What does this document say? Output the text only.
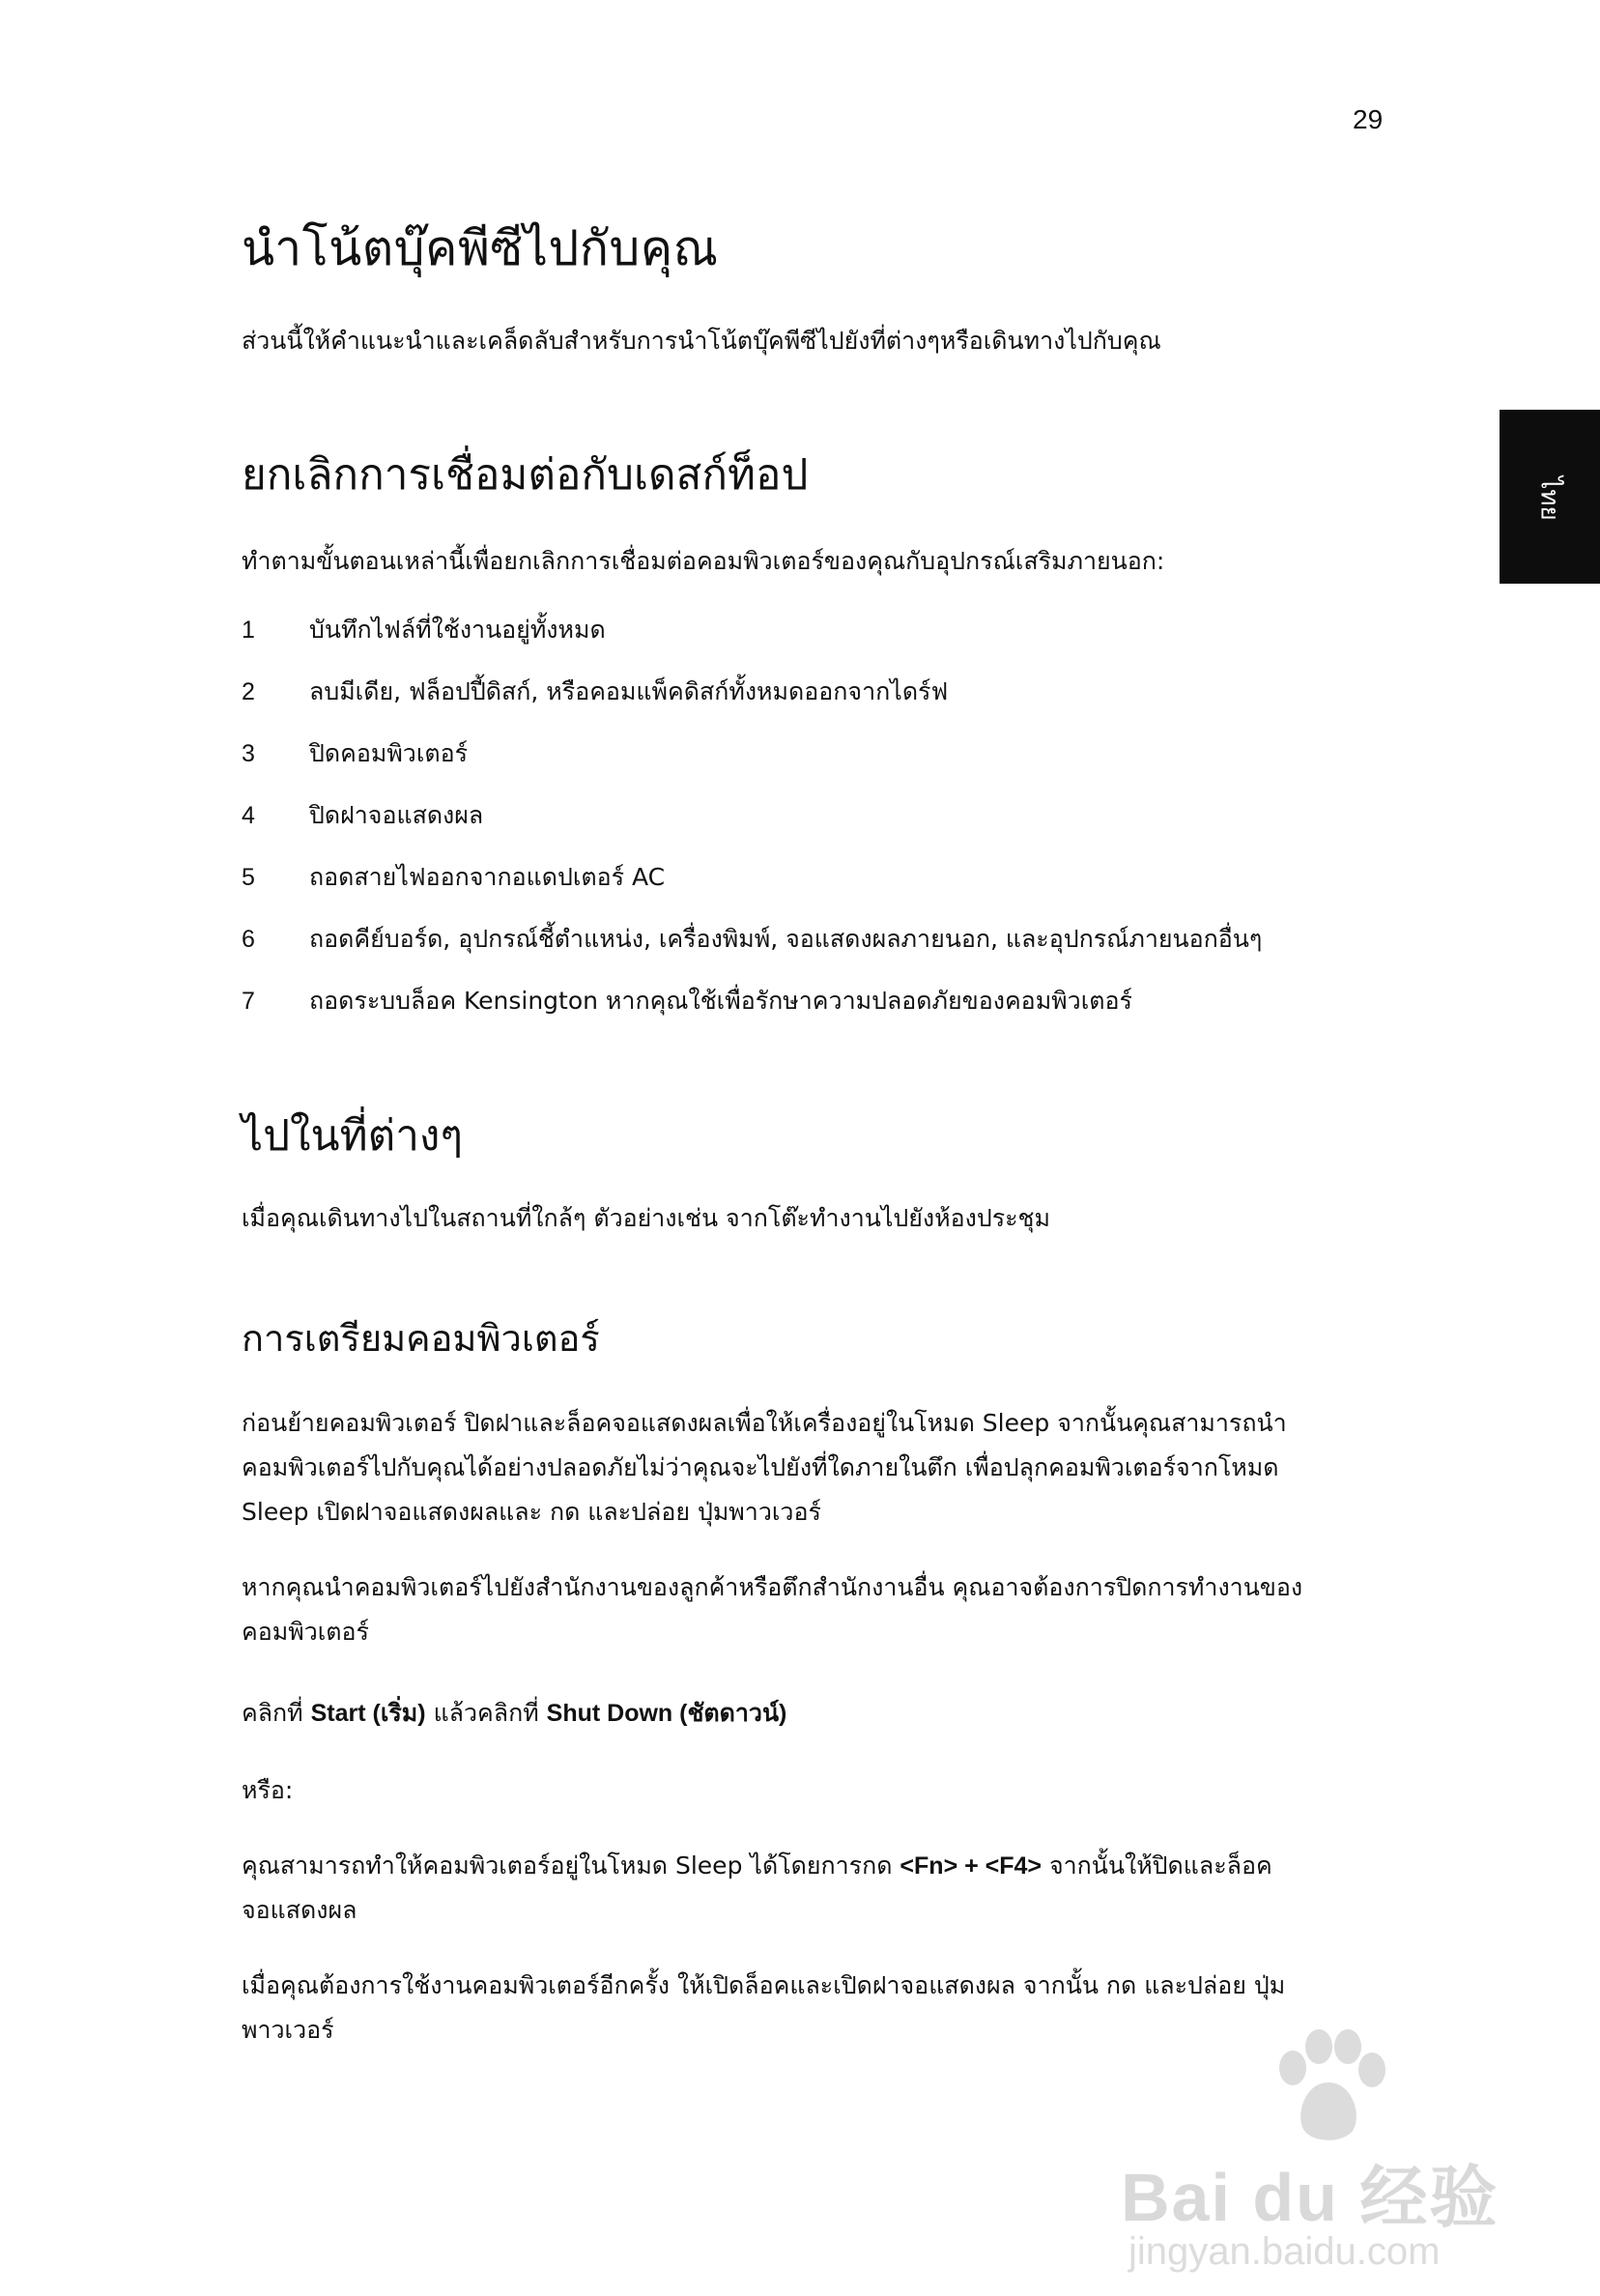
29
ไทย
นำโน้ตบุ๊คพีซีไปกับคุณ

ส่วนนี้ให้คำแนะนำและเคล็ดลับสำหรับการนำโน้ตบุ๊คพีซีไปยังที่ต่างๆหรือเดินทางไปกับคุณ

ยกเลิกการเชื่อมต่อกับเดสก์ท็อป

ทำตามขั้นตอนเหล่านี้เพื่อยกเลิกการเชื่อมต่อคอมพิวเตอร์ของคุณกับอุปกรณ์เสริมภายนอก:

1	บันทึกไฟล์ที่ใช้งานอยู่ทั้งหมด
2	ลบมีเดีย, ฟล็อปปี้ดิสก์, หรือคอมแพ็คดิสก์ทั้งหมดออกจากไดร์ฟ
3	ปิดคอมพิวเตอร์
4	ปิดฝาจอแสดงผล
5	ถอดสายไฟออกจากอแดปเตอร์ AC
6	ถอดคีย์บอร์ด, อุปกรณ์ชี้ตำแหน่ง, เครื่องพิมพ์, จอแสดงผลภายนอก, และอุปกรณ์ภายนอกอื่นๆ
7	ถอดระบบล็อค Kensington หากคุณใช้เพื่อรักษาความปลอดภัยของคอมพิวเตอร์
ไปในที่ต่างๆ

เมื่อคุณเดินทางไปในสถานที่ใกล้ๆ ตัวอย่างเช่น จากโต๊ะทำงานไปยังห้องประชุม

การเตรียมคอมพิวเตอร์

ก่อนย้ายคอมพิวเตอร์ ปิดฝาและล็อคจอแสดงผลเพื่อให้เครื่องอยู่ในโหมด Sleep จากนั้นคุณสามารถนำคอมพิวเตอร์ไปกับคุณได้อย่างปลอดภัยไม่ว่าคุณจะไปยังที่ใดภายในตึก เพื่อปลุกคอมพิวเตอร์จากโหมด Sleep เปิดฝาจอแสดงผลและ กด และปล่อย ปุ่มพาวเวอร์

หากคุณนำคอมพิวเตอร์ไปยังสำนักงานของลูกค้าหรือตึกสำนักงานอื่น คุณอาจต้องการปิดการทำงานของคอมพิวเตอร์

คลิกที่ Start (เริ่ม) แล้วคลิกที่ Shut Down (ชัตดาวน์)

หรือ:

คุณสามารถทำให้คอมพิวเตอร์อยู่ในโหมด Sleep ได้โดยการกด <Fn> + <F4> จากนั้นให้ปิดและล็อคจอแสดงผล

เมื่อคุณต้องการใช้งานคอมพิวเตอร์อีกครั้ง ให้เปิดล็อคและเปิดฝาจอแสดงผล จากนั้น กด และปล่อย ปุ่มพาวเวอร์

Bai du 经验
jingyan.baidu.com
